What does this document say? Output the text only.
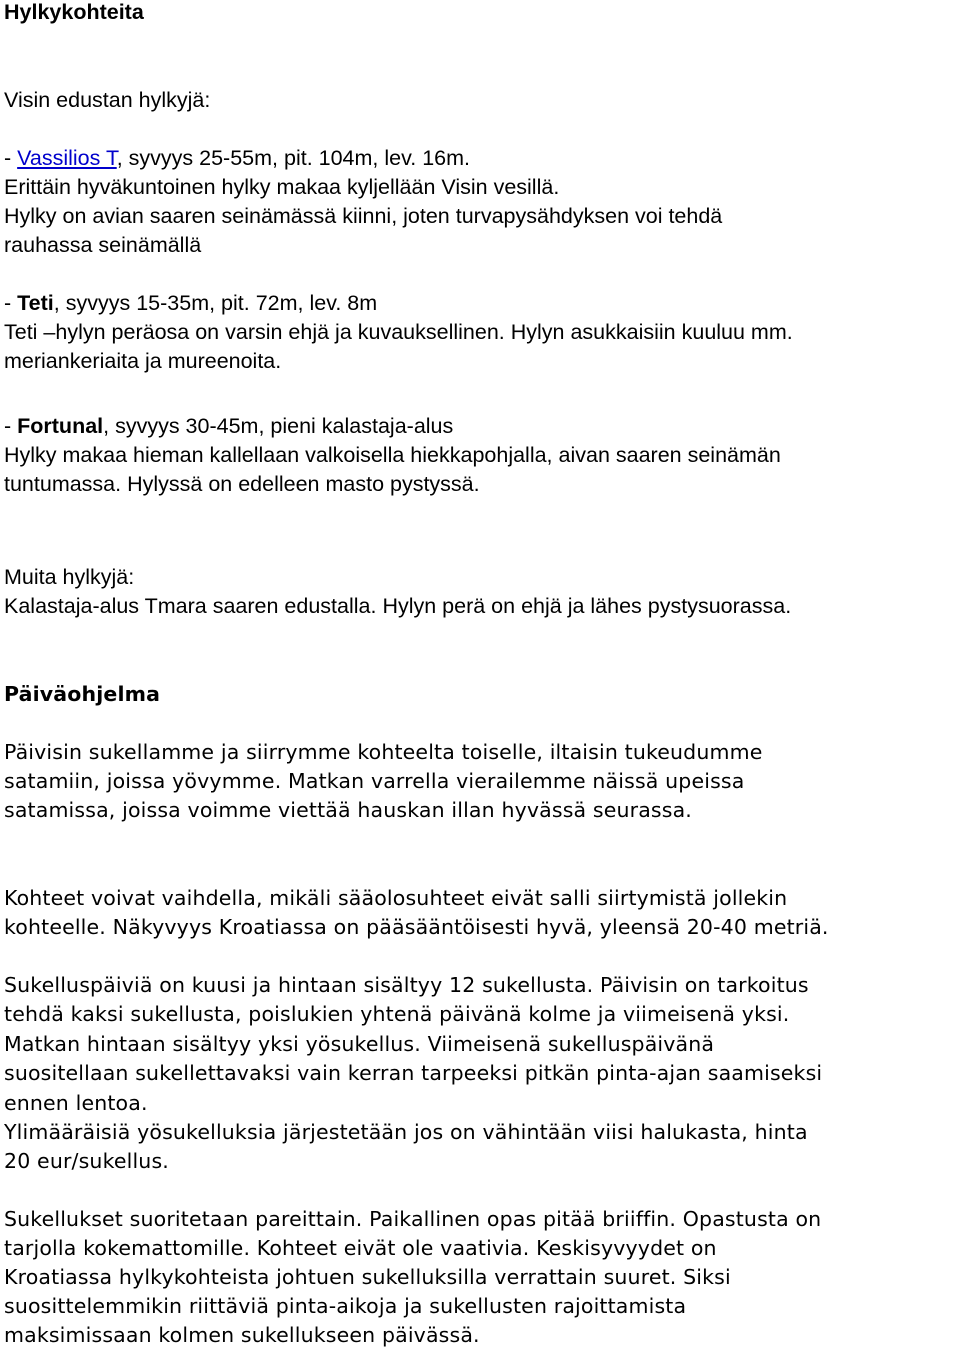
Hylkykohteita
Visin edustan hylkyjä:
- Vassilios T, syvyys 25-55m, pit. 104m, lev. 16m.
Erittäin hyväkuntoinen hylky makaa kyljellään Visin vesillä.
Hylky on avian saaren seinämässä kiinni, joten turvapysähdyksen voi tehdä
rauhassa seinämällä
- Teti, syvyys 15-35m, pit. 72m, lev. 8m
Teti –hylyn peräosa on varsin ehjä ja kuvauksellinen. Hylyn asukkaisiin kuuluu mm.
meriankeriaita ja mureenoita.
- Fortunal, syvyys 30-45m, pieni kalastaja-alus
Hylky makaa hieman kallellaan valkoisella hiekkapohjalla, aivan saaren seinämän
tuntumassa. Hylyssä on edelleen masto pystyssä.
Muita hylkyjä:
Kalastaja-alus Tmara saaren edustalla. Hylyn perä on ehjä ja lähes pystysuorassa.
Päiväohjelma
Päivisin sukellamme ja siirrymme kohteelta toiselle, iltaisin tukeudumme
satamiin, joissa yövymme. Matkan varrella vierailemme näissä upeissa
satamissa, joissa voimme viettää hauskan illan hyvässä seurassa.
Kohteet voivat vaihdella, mikäli sääolosuhteet eivät salli siirtymistä jollekin
kohteelle. Näkyvyys Kroatiassa on pääsääntöisesti hyvä, yleensä 20-40 metriä.
Sukelluspäiviä on kuusi ja hintaan sisältyy 12 sukellusta. Päivisin on tarkoitus
tehdä kaksi sukellusta, poislukien yhtenä päivänä kolme ja viimeisenä yksi.
Matkan hintaan sisältyy yksi yösukellus. Viimeisenä sukelluspäivänä
suositellaan sukellettavaksi vain kerran tarpeeksi pitkän pinta-ajan saamiseksi
ennen lentoa.
Ylimääräisiä yösukelluksia järjestetään jos on vähintään viisi halukasta, hinta
20 eur/sukellus.
Sukellukset suoritetaan pareittain. Paikallinen opas pitää briiffin. Opastusta on
tarjolla kokemattomille. Kohteet eivät ole vaativia. Keskisyvyydet on
Kroatiassa hylkykohteista johtuen sukelluksilla verrattain suuret. Siksi
suosittelemmikin riittäviä pinta-aikoja ja sukellusten rajoittamista
maksimissaan kolmen sukellukseen päivässä.
